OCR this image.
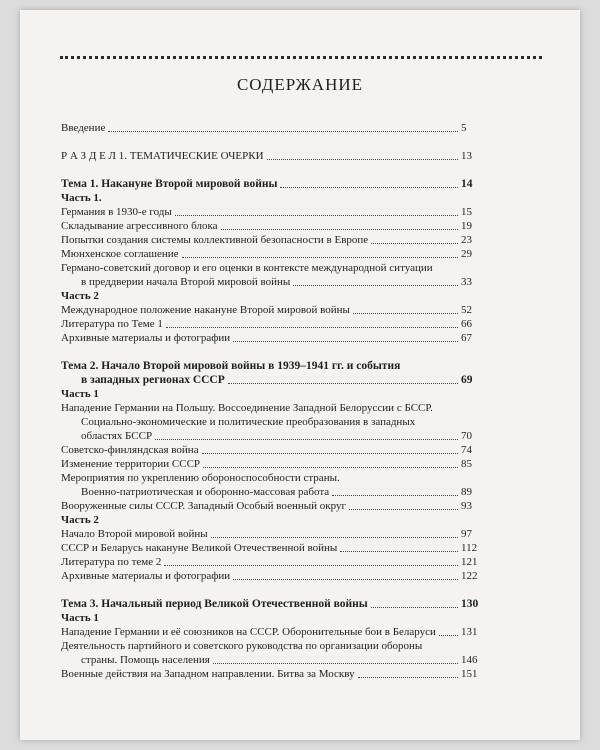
СОДЕРЖАНИЕ
Введение	5
Р А З Д Е Л 1. ТЕМАТИЧЕСКИЕ ОЧЕРКИ	13
Тема 1. Накануне Второй мировой войны	14
Часть 1.
Германия в 1930-е годы	15
Складывание агрессивного блока	19
Попытки создания системы коллективной безопасности в Европе	23
Мюнхенское соглашение	29
Германо-советский договор и его оценки в контексте международной ситуации
в преддверии начала Второй мировой войны	33
Часть 2
Международное положение накануне Второй мировой войны	52
Литература по Теме 1	66
Архивные материалы и фотографии	67
Тема 2. Начало Второй мировой войны в 1939–1941 гг. и события
в западных регионах СССР	69
Часть 1
Нападение Германии на Польшу. Воссоединение Западной Белоруссии с БССР.
Социально-экономические и политические преобразования в западных
областях БССР	70
Советско-финляндская война	74
Изменение территории СССР	85
Мероприятия по укреплению обороноспособности страны.
Военно-патриотическая и оборонно-массовая работа	89
Вооруженные силы СССР. Западный Особый военный округ	93
Часть 2
Начало Второй мировой войны	97
СССР и Беларусь накануне Великой Отечественной войны	112
Литература по теме 2	121
Архивные материалы и фотографии	122
Тема 3. Начальный период Великой Отечественной войны	130
Часть 1
Нападение Германии и её союзников на СССР. Оборонительные бои в Беларуси 131
Деятельность партийного и советского руководства по организации обороны
страны. Помощь населения	146
Военные действия на Западном направлении. Битва за Москву	151
